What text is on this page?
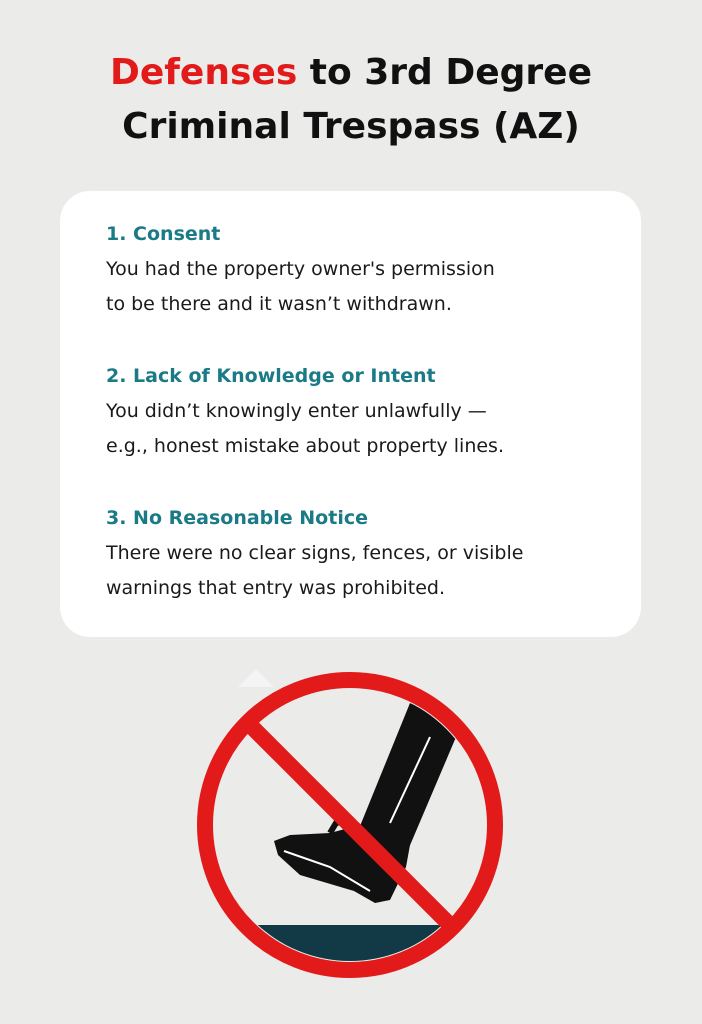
Defenses to 3rd Degree
Criminal Trespass (AZ)

1. Consent

You had the property owner's permission
to be there and it wasn’t withdrawn.

2. Lack of Knowledge or Intent

You didn’t knowingly enter unlawfully —
e.g., honest mistake about property lines.

3. No Reasonable Notice

There were no clear signs, fences, or visible
warnings that entry was prohibited.
